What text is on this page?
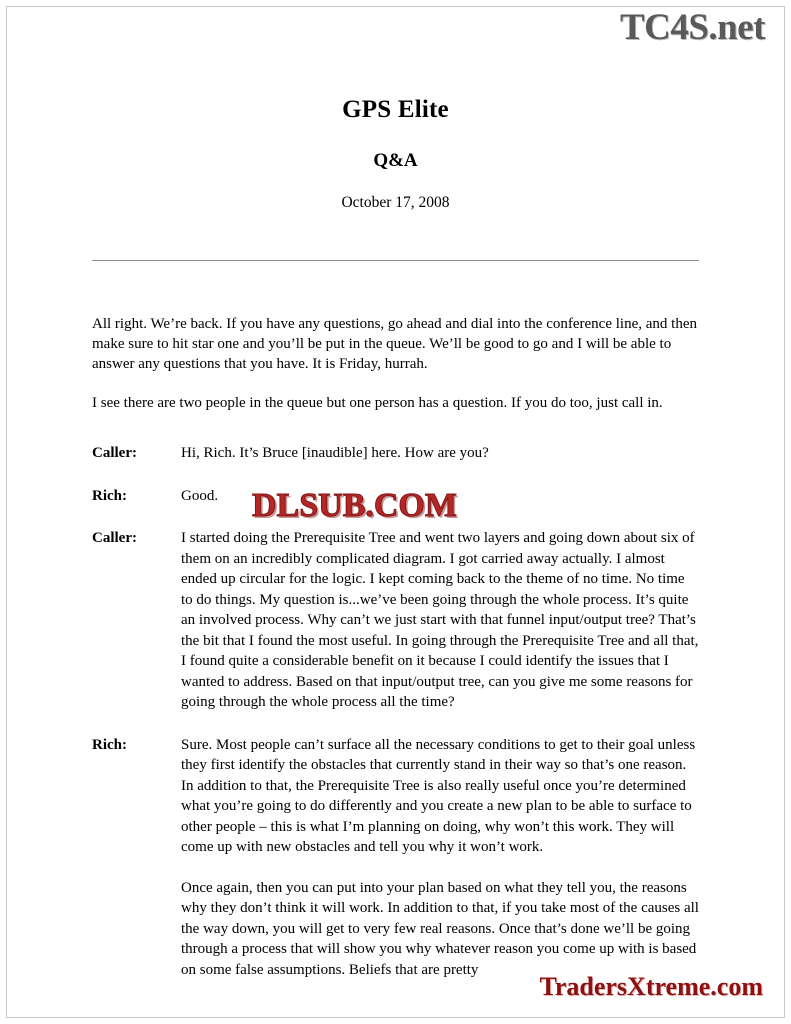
TC4S.net
GPS Elite
Q&A
October 17, 2008
All right. We’re back. If you have any questions, go ahead and dial into the conference line, and then make sure to hit star one and you’ll be put in the queue. We’ll be good to go and I will be able to answer any questions that you have. It is Friday, hurrah.
I see there are two people in the queue but one person has a question. If you do too, just call in.
Caller:	Hi, Rich. It’s Bruce [inaudible] here. How are you?

Rich:	Good.

Caller:	I started doing the Prerequisite Tree and went two layers and going down about six of them on an incredibly complicated diagram. I got carried away actually. I almost ended up circular for the logic. I kept coming back to the theme of no time. No time to do things. My question is...we’ve been going through the whole process. It’s quite an involved process. Why can’t we just start with that funnel input/output tree? That’s the bit that I found the most useful. In going through the Prerequisite Tree and all that, I found quite a considerable benefit on it because I could identify the issues that I wanted to address. Based on that input/output tree, can you give me some reasons for going through the whole process all the time?

Rich:	Sure. Most people can’t surface all the necessary conditions to get to their goal unless they first identify the obstacles that currently stand in their way so that’s one reason. In addition to that, the Prerequisite Tree is also really useful once you’re determined what you’re going to do differently and you create a new plan to be able to surface to other people – this is what I’m planning on doing, why won’t this work. They will come up with new obstacles and tell you why it won’t work.

Once again, then you can put into your plan based on what they tell you, the reasons why they don’t think it will work. In addition to that, if you take most of the causes all the way down, you will get to very few real reasons. Once that’s done we’ll be going through a process that will show you why whatever reason you come up with is based on some false assumptions. Beliefs that are pretty

DLSUB.COM
TradersXtreme.com
